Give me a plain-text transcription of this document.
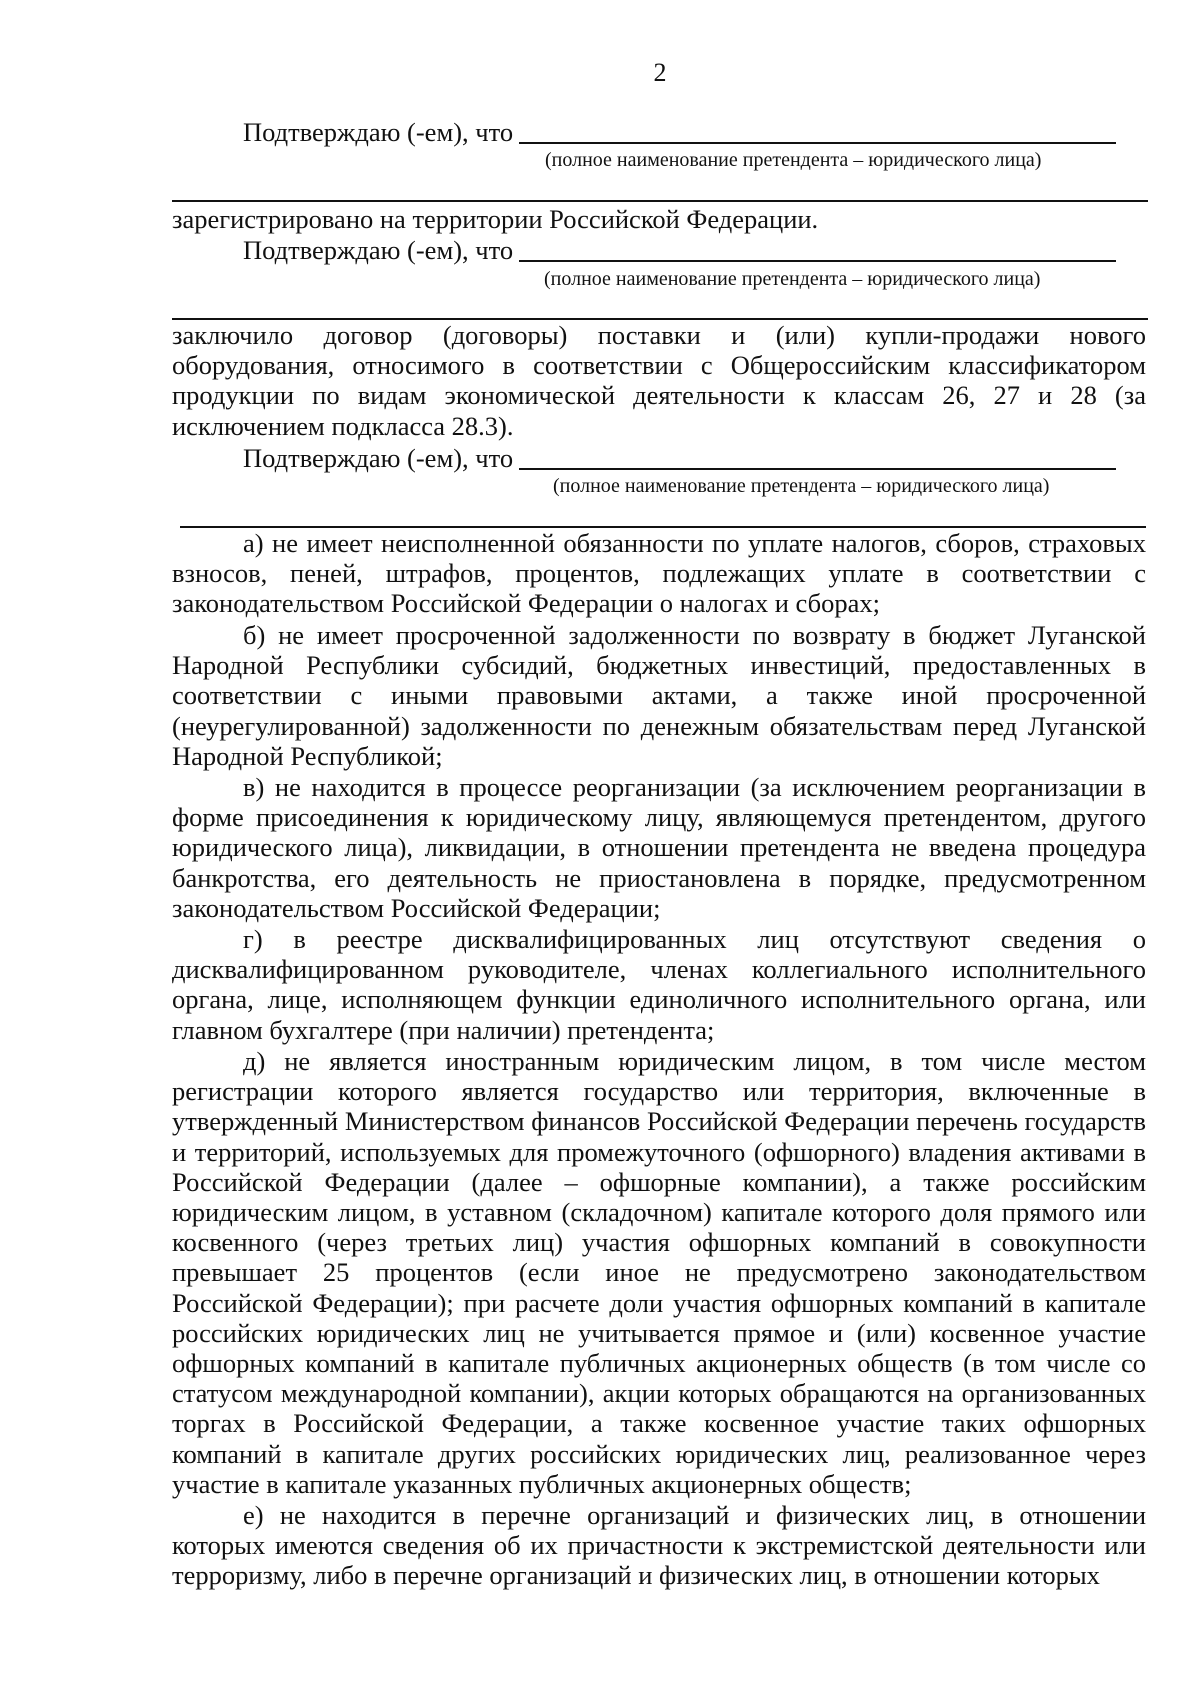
2
Подтверждаю (-ем), что
(полное наименование претендента – юридического лица)

зарегистрировано на территории Российской Федерации.

Подтверждаю (-ем), что
(полное наименование претендента – юридического лица)

заключило договор (договоры) поставки и (или) купли-продажи нового оборудования, относимого в соответствии с Общероссийским классификатором продукции по видам экономической деятельности к классам 26, 27 и 28 (за исключением подкласса 28.3).

Подтверждаю (-ем), что
(полное наименование претендента – юридического лица)

а) не имеет неисполненной обязанности по уплате налогов, сборов, страховых взносов, пеней, штрафов, процентов, подлежащих уплате в соответствии с законодательством Российской Федерации о налогах и сборах;

б) не имеет просроченной задолженности по возврату в бюджет Луганской Народной Республики субсидий, бюджетных инвестиций, предоставленных в соответствии с иными правовыми актами, а также иной просроченной (неурегулированной) задолженности по денежным обязательствам перед Луганской Народной Республикой;

в) не находится в процессе реорганизации (за исключением реорганизации в форме присоединения к юридическому лицу, являющемуся претендентом, другого юридического лица), ликвидации, в отношении претендента не введена процедура банкротства, его деятельность не приостановлена в порядке, предусмотренном законодательством Российской Федерации;

г) в реестре дисквалифицированных лиц отсутствуют сведения о дисквалифицированном руководителе, членах коллегиального исполнительного органа, лице, исполняющем функции единоличного исполнительного органа, или главном бухгалтере (при наличии) претендента;

д) не является иностранным юридическим лицом, в том числе местом регистрации которого является государство или территория, включенные в утвержденный Министерством финансов Российской Федерации перечень государств и территорий, используемых для промежуточного (офшорного) владения активами в Российской Федерации (далее – офшорные компании), а также российским юридическим лицом, в уставном (складочном) капитале которого доля прямого или косвенного (через третьих лиц) участия офшорных компаний в совокупности превышает 25 процентов (если иное не предусмотрено законодательством Российской Федерации); при расчете доли участия офшорных компаний в капитале российских юридических лиц не учитывается прямое и (или) косвенное участие офшорных компаний в капитале публичных акционерных обществ (в том числе со статусом международной компании), акции которых обращаются на организованных торгах в Российской Федерации, а также косвенное участие таких офшорных компаний в капитале других российских юридических лиц, реализованное через участие в капитале указанных публичных акционерных обществ;

е) не находится в перечне организаций и физических лиц, в отношении которых имеются сведения об их причастности к экстремистской деятельности или терроризму, либо в перечне организаций и физических лиц, в отношении которых
